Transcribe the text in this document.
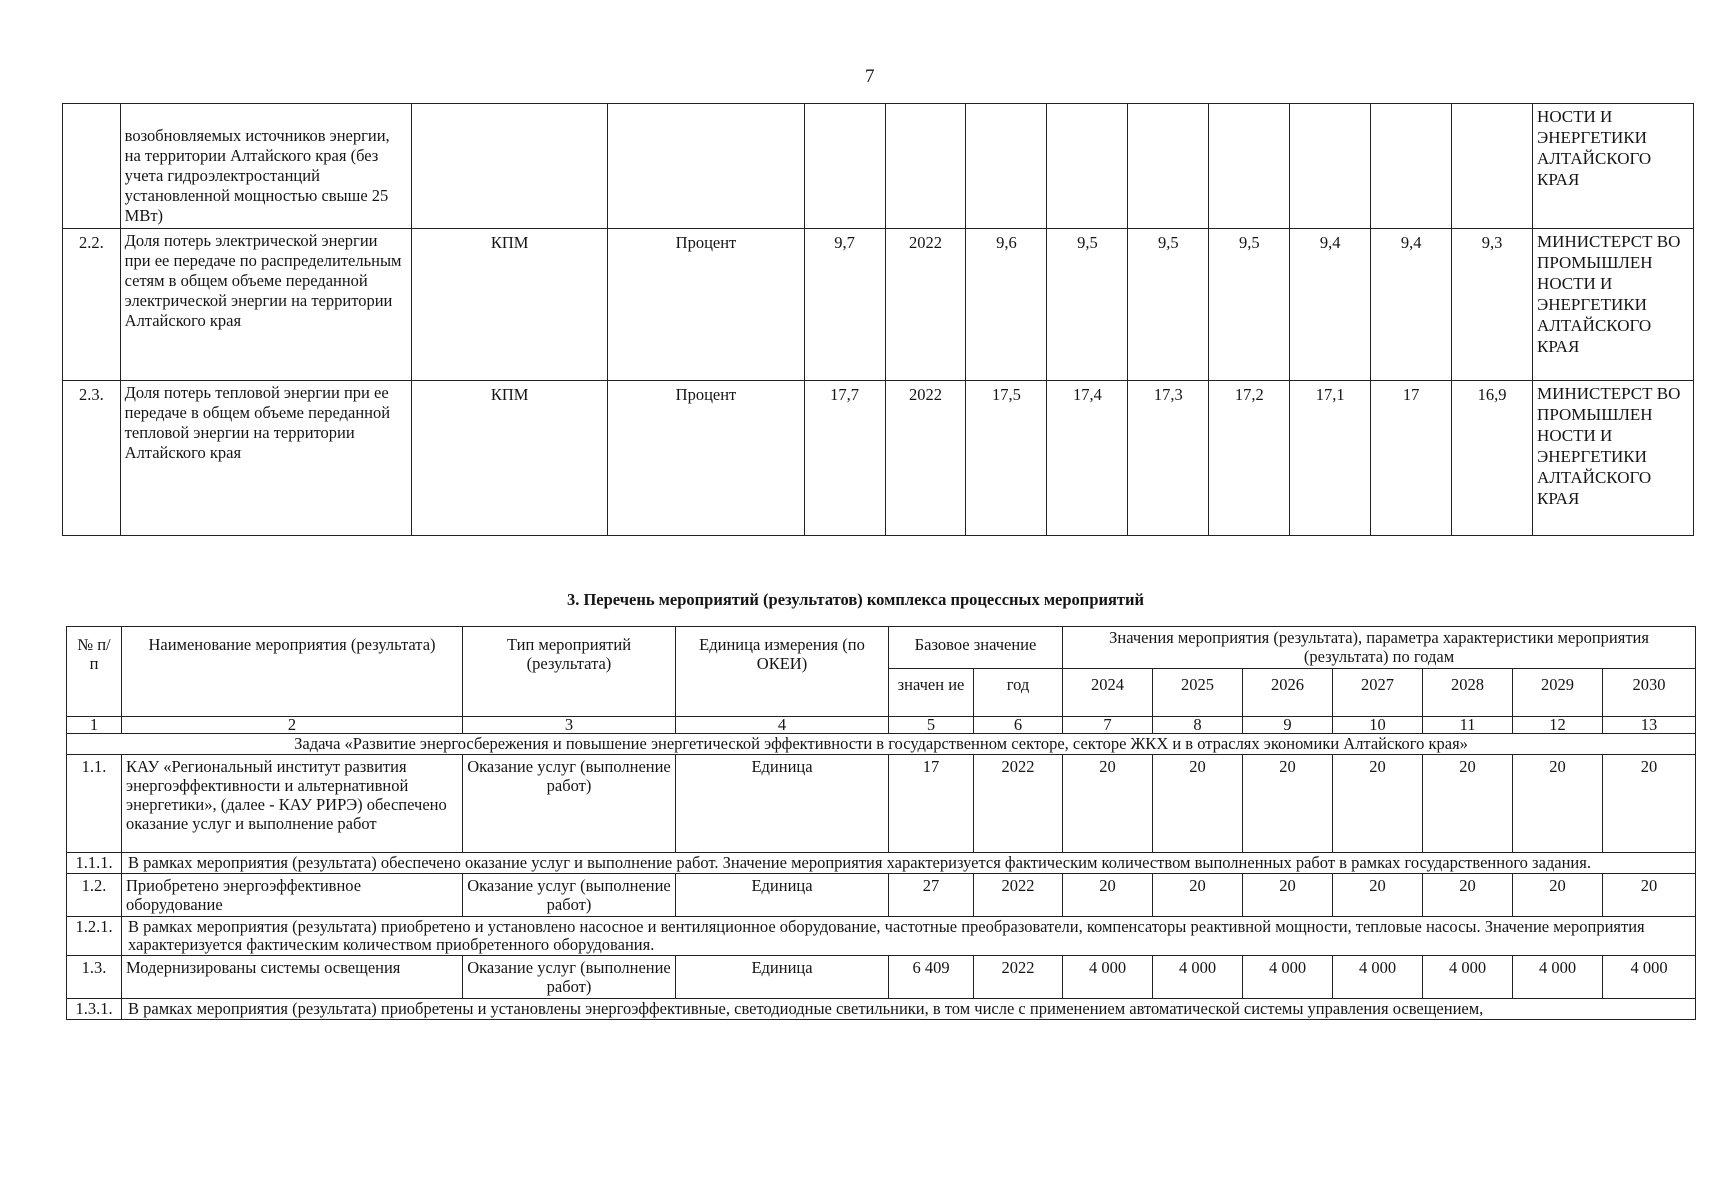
7
	возобновляемых источников энергии, на территории Алтайского края (без учета гидроэлектростанций установленной мощностью свыше 25 МВт)												НОСТИ И ЭНЕРГЕТИКИ АЛТАЙСКОГО КРАЯ
2.2.	Доля потерь электрической энергии при ее передаче по распределительным сетям в общем объеме переданной электрической энергии на территории Алтайского края	КПМ	Процент	9,7	2022	9,6	9,5	9,5	9,5	9,4	9,4	9,3	МИНИСТЕРСТ ВО ПРОМЫШЛЕН НОСТИ И ЭНЕРГЕТИКИ АЛТАЙСКОГО КРАЯ
2.3.	Доля потерь тепловой энергии при ее передаче в общем объеме переданной тепловой энергии на территории Алтайского края	КПМ	Процент	17,7	2022	17,5	17,4	17,3	17,2	17,1	17	16,9	МИНИСТЕРСТ ВО ПРОМЫШЛЕН НОСТИ И ЭНЕРГЕТИКИ АЛТАЙСКОГО КРАЯ
3. Перечень мероприятий (результатов) комплекса процессных мероприятий
№ п/ п	Наименование мероприятия (результата)	Тип мероприятий (результата)	Единица измерения (по ОКЕИ)	Базовое значение		Значения мероприятия (результата), параметра характеристики мероприятия (результата) по годам						
				значен ие	год	2024	2025	2026	2027	2028	2029	2030
1	2	3	4	5	6	7	8	9	10	11	12	13
Задача «Развитие энергосбережения и повышение энергетической эффективности в государственном секторе, секторе ЖКХ и в отраслях экономики Алтайского края»												
1.1.	КАУ «Региональный институт развития энергоэффективности и альтернативной энергетики», (далее - КАУ РИРЭ) обеспечено оказание услуг и выполнение работ	Оказание услуг (выполнение работ)	Единица	17	2022	20	20	20	20	20	20	20
1.1.1.	В рамках мероприятия (результата) обеспечено оказание услуг и выполнение работ. Значение мероприятия характеризуется фактическим количеством выполненных работ в рамках государственного задания.											
1.2.	Приобретено энергоэффективное оборудование	Оказание услуг (выполнение работ)	Единица	27	2022	20	20	20	20	20	20	20
1.2.1.	В рамках мероприятия (результата) приобретено и установлено насосное и вентиляционное оборудование, частотные преобразователи, компенсаторы реактивной мощности, тепловые насосы. Значение мероприятия характеризуется фактическим количеством приобретенного оборудования.											
1.3.	Модернизированы системы освещения	Оказание услуг (выполнение работ)	Единица	6 409	2022	4 000	4 000	4 000	4 000	4 000	4 000	4 000
1.3.1.	В рамках мероприятия (результата) приобретены и установлены энергоэффективные, светодиодные светильники, в том числе с применением автоматической системы управления освещением,											
